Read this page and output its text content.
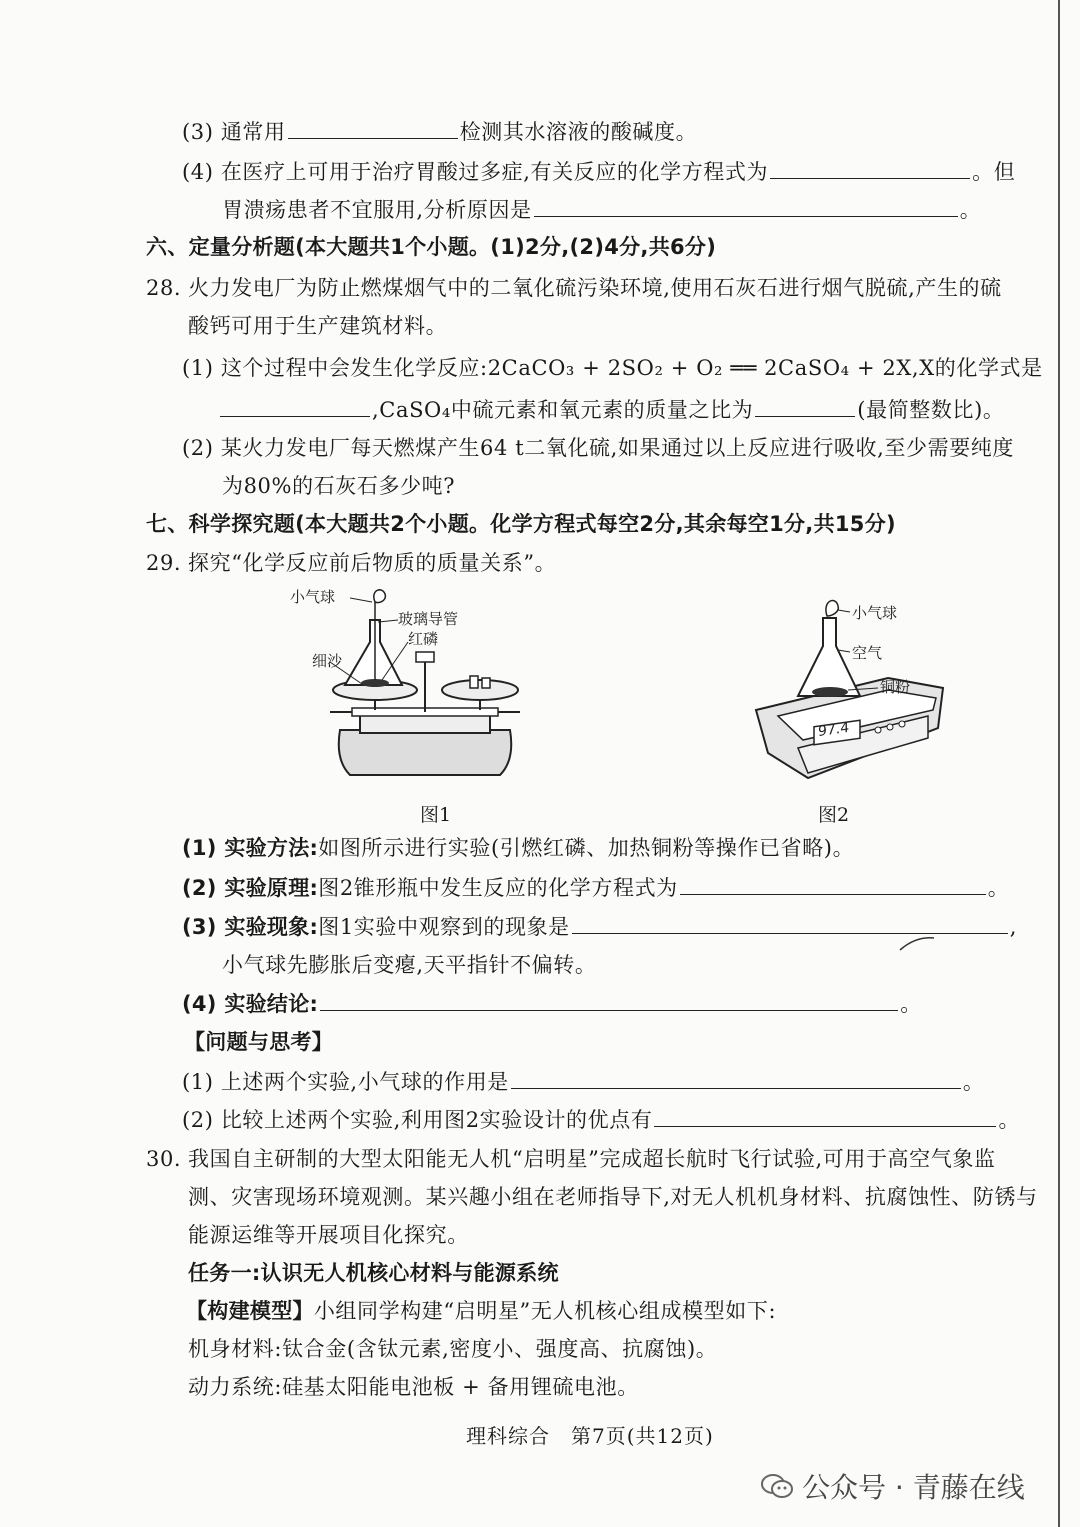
(3) 通常用	检测其水溶液的酸碱度。
(4) 在医疗上可用于治疗胃酸过多症,有关反应的化学方程式为	。但
胃溃疡患者不宜服用,分析原因是	。
六、定量分析题(本大题共1个小题。(1)2分,(2)4分,共6分)
28. 火力发电厂为防止燃煤烟气中的二氧化硫污染环境,使用石灰石进行烟气脱硫,产生的硫
酸钙可用于生产建筑材料。
(1) 这个过程中会发生化学反应:2CaCO₃ + 2SO₂ + O₂ ══ 2CaSO₄ + 2X,X的化学式是
,CaSO₄中硫元素和氧元素的质量之比为	(最简整数比)。
(2) 某火力发电厂每天燃煤产生64 t二氧化硫,如果通过以上反应进行吸收,至少需要纯度
为80%的石灰石多少吨?
七、科学探究题(本大题共2个小题。化学方程式每空2分,其余每空1分,共15分)
29. 探究“化学反应前后物质的质量关系”。
小气球
玻璃导管
红磷
细沙
97.4
小气球
空气
铜粉
图1	图2
(1) 实验方法:如图所示进行实验(引燃红磷、加热铜粉等操作已省略)。
(2) 实验原理:图2锥形瓶中发生反应的化学方程式为	。
(3) 实验现象:图1实验中观察到的现象是	,
小气球先膨胀后变瘪,天平指针不偏转。
(4) 实验结论:	。
【问题与思考】
(1) 上述两个实验,小气球的作用是	。
(2) 比较上述两个实验,利用图2实验设计的优点有	。
30. 我国自主研制的大型太阳能无人机“启明星”完成超长航时飞行试验,可用于高空气象监
测、灾害现场环境观测。某兴趣小组在老师指导下,对无人机机身材料、抗腐蚀性、防锈与
能源运维等开展项目化探究。
任务一:认识无人机核心材料与能源系统
【构建模型】小组同学构建“启明星”无人机核心组成模型如下:
机身材料:钛合金(含钛元素,密度小、强度高、抗腐蚀)。
动力系统:硅基太阳能电池板 + 备用锂硫电池。
理科综合　第7页(共12页)
公众号 · 青藤在线
